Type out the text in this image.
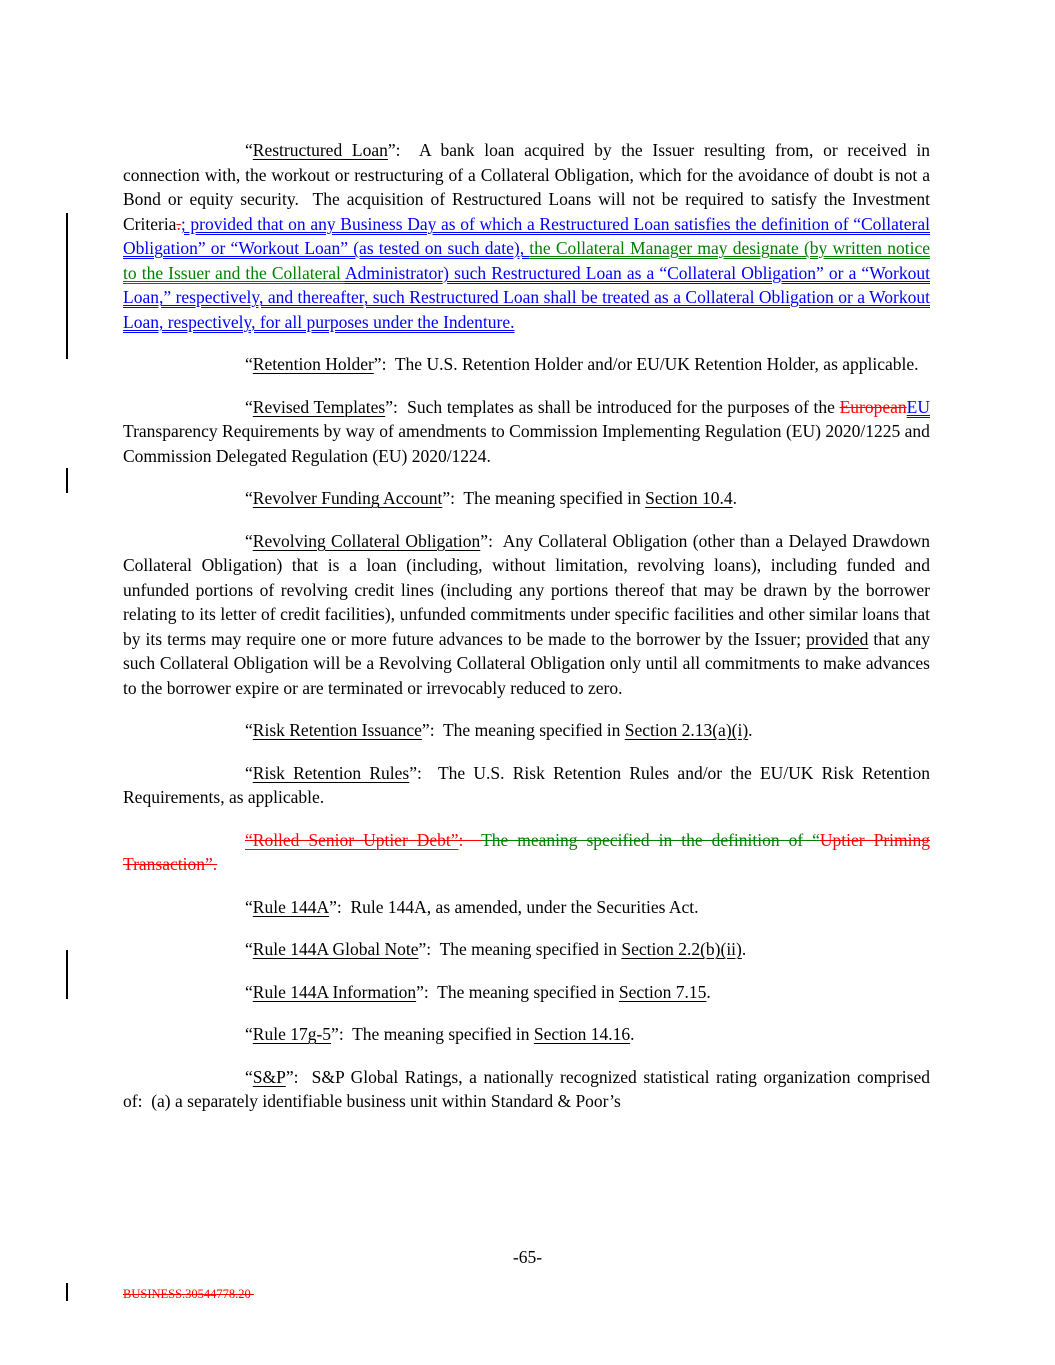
“Restructured Loan”:  A bank loan acquired by the Issuer resulting from, or received in connection with, the workout or restructuring of a Collateral Obligation, which for the avoidance of doubt is not a Bond or equity security.  The acquisition of Restructured Loans will not be required to satisfy the Investment Criteria.; provided that on any Business Day as of which a Restructured Loan satisfies the definition of “Collateral Obligation” or “Workout Loan” (as tested on such date), the Collateral Manager may designate (by written notice to the Issuer and the Collateral Administrator) such Restructured Loan as a “Collateral Obligation” or a “Workout Loan,” respectively, and thereafter, such Restructured Loan shall be treated as a Collateral Obligation or a Workout Loan, respectively, for all purposes under the Indenture.

“Retention Holder”:  The U.S. Retention Holder and/or EU/UK Retention Holder, as applicable.

“Revised Templates”:  Such templates as shall be introduced for the purposes of the EuropeanEU Transparency Requirements by way of amendments to Commission Implementing Regulation (EU) 2020/1225 and Commission Delegated Regulation (EU) 2020/1224.

“Revolver Funding Account”:  The meaning specified in Section 10.4.

“Revolving Collateral Obligation”:  Any Collateral Obligation (other than a Delayed Drawdown Collateral Obligation) that is a loan (including, without limitation, revolving loans), including funded and unfunded portions of revolving credit lines (including any portions thereof that may be drawn by the borrower relating to its letter of credit facilities), unfunded commitments under specific facilities and other similar loans that by its terms may require one or more future advances to be made to the borrower by the Issuer; provided that any such Collateral Obligation will be a Revolving Collateral Obligation only until all commitments to make advances to the borrower expire or are terminated or irrevocably reduced to zero.

“Risk Retention Issuance”:  The meaning specified in Section 2.13(a)(i).

“Risk Retention Rules”:  The U.S. Risk Retention Rules and/or the EU/UK Risk Retention Requirements, as applicable.

“Rolled Senior Uptier Debt”:  The meaning specified in the definition of “Uptier Priming Transaction”.

“Rule 144A”:  Rule 144A, as amended, under the Securities Act.

“Rule 144A Global Note”:  The meaning specified in Section 2.2(b)(ii).

“Rule 144A Information”:  The meaning specified in Section 7.15.

“Rule 17g-5”:  The meaning specified in Section 14.16.

“S&P”:  S&P Global Ratings, a nationally recognized statistical rating organization comprised of:  (a) a separately identifiable business unit within Standard & Poor’s

-65-
BUSINESS.30544778.20
